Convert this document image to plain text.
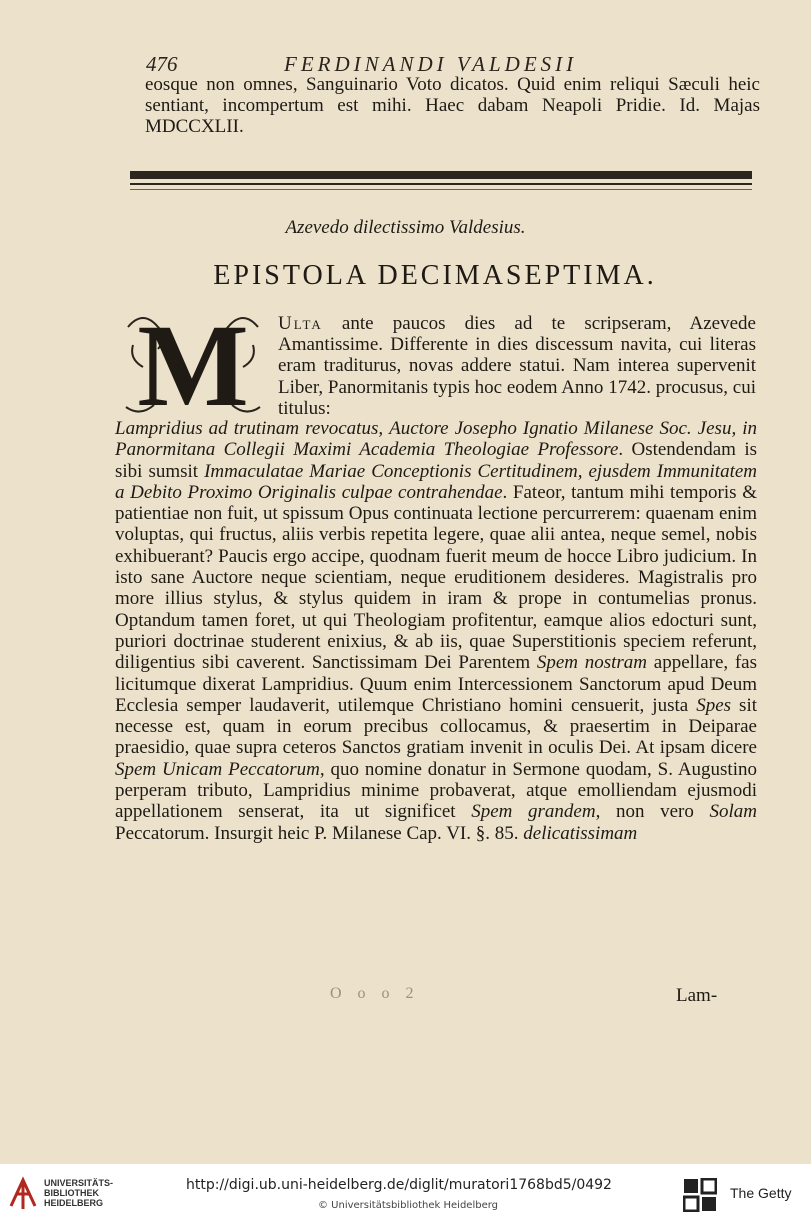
476	FERDINANDI VALDESII

eosque non omnes, Sanguinario Voto dicatos. Quid enim reliqui Sæculi heic sentiant, incompertum est mihi. Haec dabam Neapoli Pridie. Id. Majas MDCCXLII.

Azevedo dilectissimo Valdesius.
EPISTOLA DECIMASEPTIMA.
M Ulta ante paucos dies ad te scripseram, Azevede Amantissime. Differente in dies discessum navita, cui literas eram traditurus, novas addere statui. Nam interea supervenit Liber, Panormitanis typis hoc eodem Anno 1742. procusus, cui titulus:

Lampridius ad trutinam revocatus, Auctore Josepho Ignatio Milanese Soc. Jesu, in Panormitana Collegii Maximi Academia Theologiae Professore. Ostendendam is sibi sumsit Immaculatae Mariae Conceptionis Certitudinem, ejusdem Immunitatem a Debito Proximo Originalis culpae contrahendae. Fateor, tantum mihi temporis & patientiae non fuit, ut spissum Opus continuata lectione percurrerem: quaenam enim voluptas, qui fructus, aliis verbis repetita legere, quae alii antea, neque semel, nobis exhibuerant? Paucis ergo accipe, quodnam fuerit meum de hocce Libro judicium. In isto sane Auctore neque scientiam, neque eruditionem desideres. Magistralis pro more illius stylus, & stylus quidem in iram & prope in contumelias pronus. Optandum tamen foret, ut qui Theologiam profitentur, eamque alios edocturi sunt, puriori doctrinae studerent enixius, & ab iis, quae Superstitionis speciem referunt, diligentius sibi caverent. Sanctissimam Dei Parentem Spem nostram appellare, fas licitumque dixerat Lampridius. Quum enim Intercessionem Sanctorum apud Deum Ecclesia semper laudaverit, utilemque Christiano homini censuerit, justa Spes sit necesse est, quam in eorum precibus collocamus, & praesertim in Deiparae praesidio, quae supra ceteros Sanctos gratiam invenit in oculis Dei. At ipsam dicere Spem Unicam Peccatorum, quo nomine donatur in Sermone quodam, S. Augustino perperam tributo, Lampridius minime probaverat, atque emolliendam ejusmodi appellationem senserat, ita ut significet Spem grandem, non vero Solam Peccatorum. Insurgit heic P. Milanese Cap. VI. §. 85. delicatissimam

O o o 2	Lam-
UNIVERSITÄTS-
BIBLIOTHEK
HEIDELBERG
http://digi.ub.uni-heidelberg.de/diglit/muratori1768bd5/0492
© Universitätsbibliothek Heidelberg
The Getty
